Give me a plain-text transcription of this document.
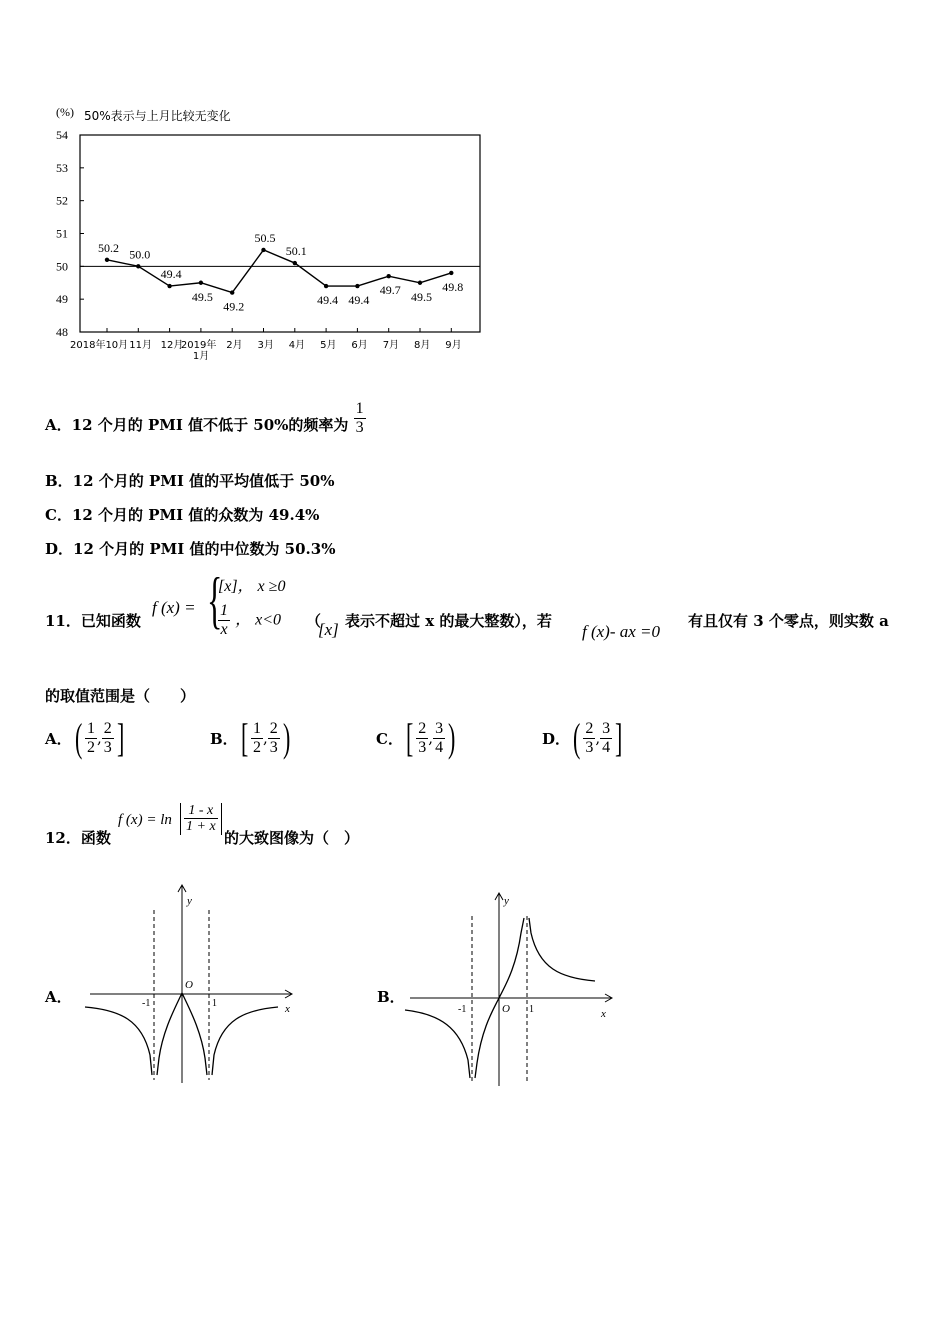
(%) 50%表示与上月比较无变化
54
53
52
51
50
49
48
50.2 50.0
49.4
49.5
49.2
50.5
50.1
49.4 49.4
49.7 49.5
49.8
2018年10月 11月 12月
2019年 1月
2月 3月 4月 5月 6月 7月 8月 9月
A．12 个月的 PMI 值不低于 50%的频率为 $\frac{1}{3}$
B．12 个月的 PMI 值的平均值低于 50%
C．12 个月的 PMI 值的众数为 49.4%
D．12 个月的 PMI 值的中位数为 50.3%
11．已知函数
f (x) = {
[x]， x ≥0
$\frac{1}{x}$ ， x<0 （
[x] 表示不超过 x 的最大整数），若
f (x)- ax =0
有且仅有 3 个零点，则实数 a
的取值范围是（　　）
A．( $\frac{1}{2}$ , $\frac{2}{3}$ ]	B．[ $\frac{1}{2}$ , $\frac{2}{3}$ )	C．[ $\frac{2}{3}$ , $\frac{3}{4}$ )	D．( $\frac{2}{3}$ , $\frac{3}{4}$ ]
12．函数
f $(x) = \ln \frac{1 - x}{1 + x}$
的大致图像为（　）
A．
y
x
O
-1	1	B．
y
x
O
-1	1
